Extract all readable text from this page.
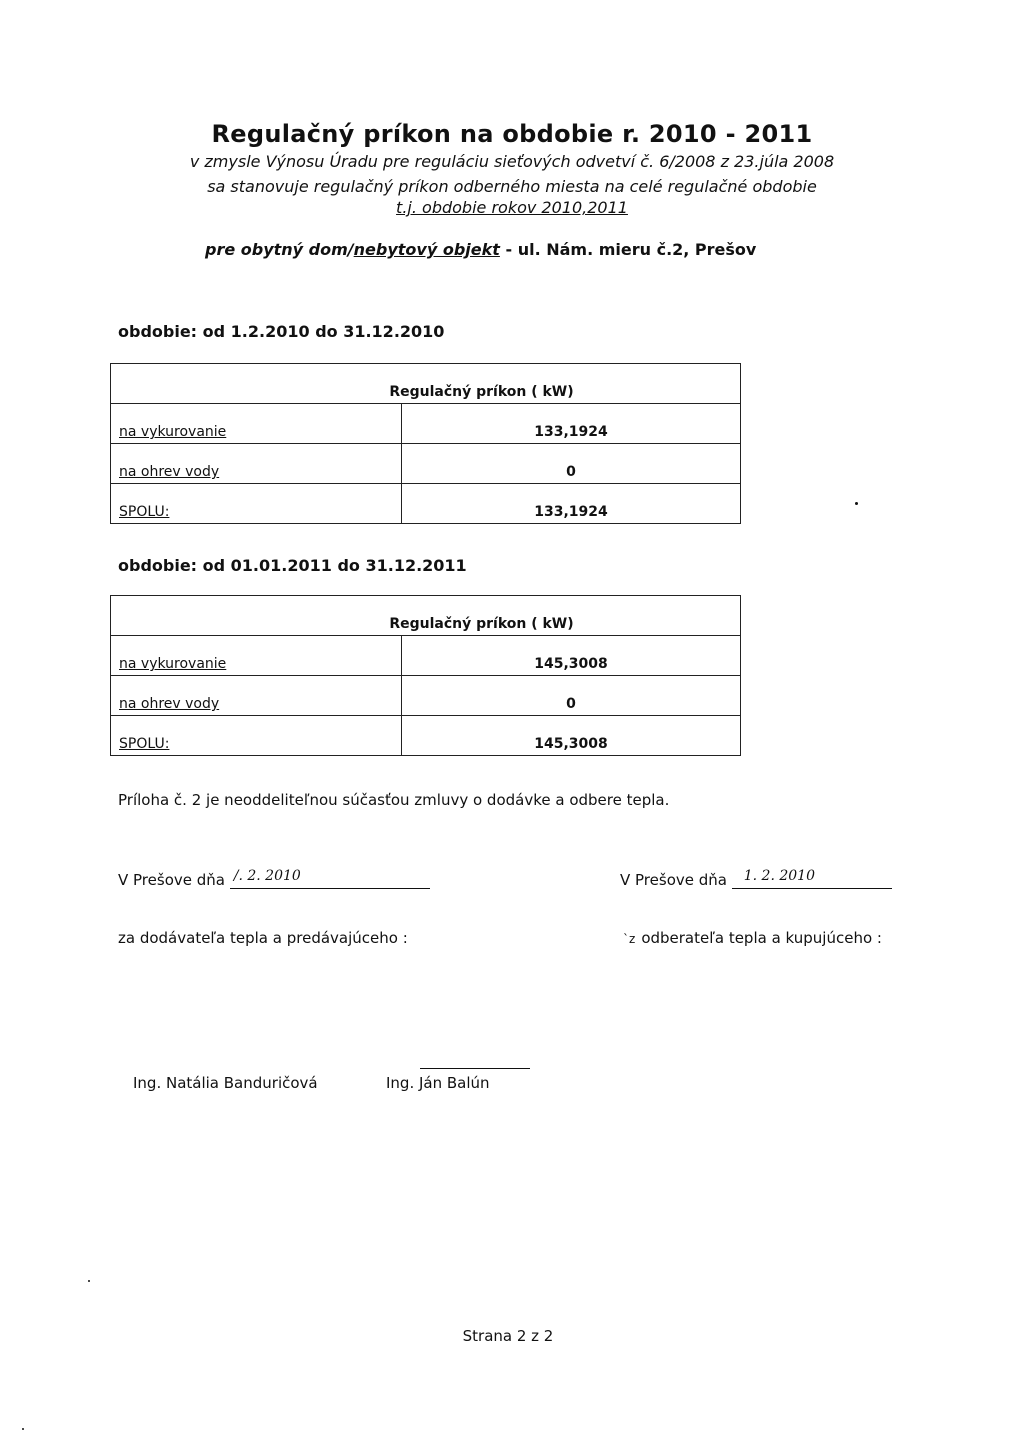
Regulačný príkon na obdobie r. 2010 - 2011
v zmysle Výnosu Úradu pre reguláciu sieťových odvetví č. 6/2008 z 23.júla 2008
sa stanovuje regulačný príkon odberného miesta na celé regulačné obdobie
t.j. obdobie rokov 2010,2011
pre obytný dom/nebytový objekt - ul. Nám. mieru č.2, Prešov
obdobie: od 1.2.2010 do 31.12.2010
Regulačný príkon ( kW)	
na vykurovanie	133,1924
na ohrev vody	0
SPOLU:	133,1924
obdobie: od 01.01.2011 do 31.12.2011
Regulačný príkon ( kW)	
na vykurovanie	145,3008
na ohrev vody	0
SPOLU:	145,3008
Príloha č. 2 je neoddeliteľnou súčasťou zmluvy o dodávke a odbere tepla.
V Prešove dňa /. 2. 2010	V Prešove dňa 1. 2. 2010
za dodávateľa tepla a predávajúceho :	`z odberateľa tepla a kupujúceho :
Ing. Natália Banduričová	Ing. Ján Balún
Strana 2 z 2
